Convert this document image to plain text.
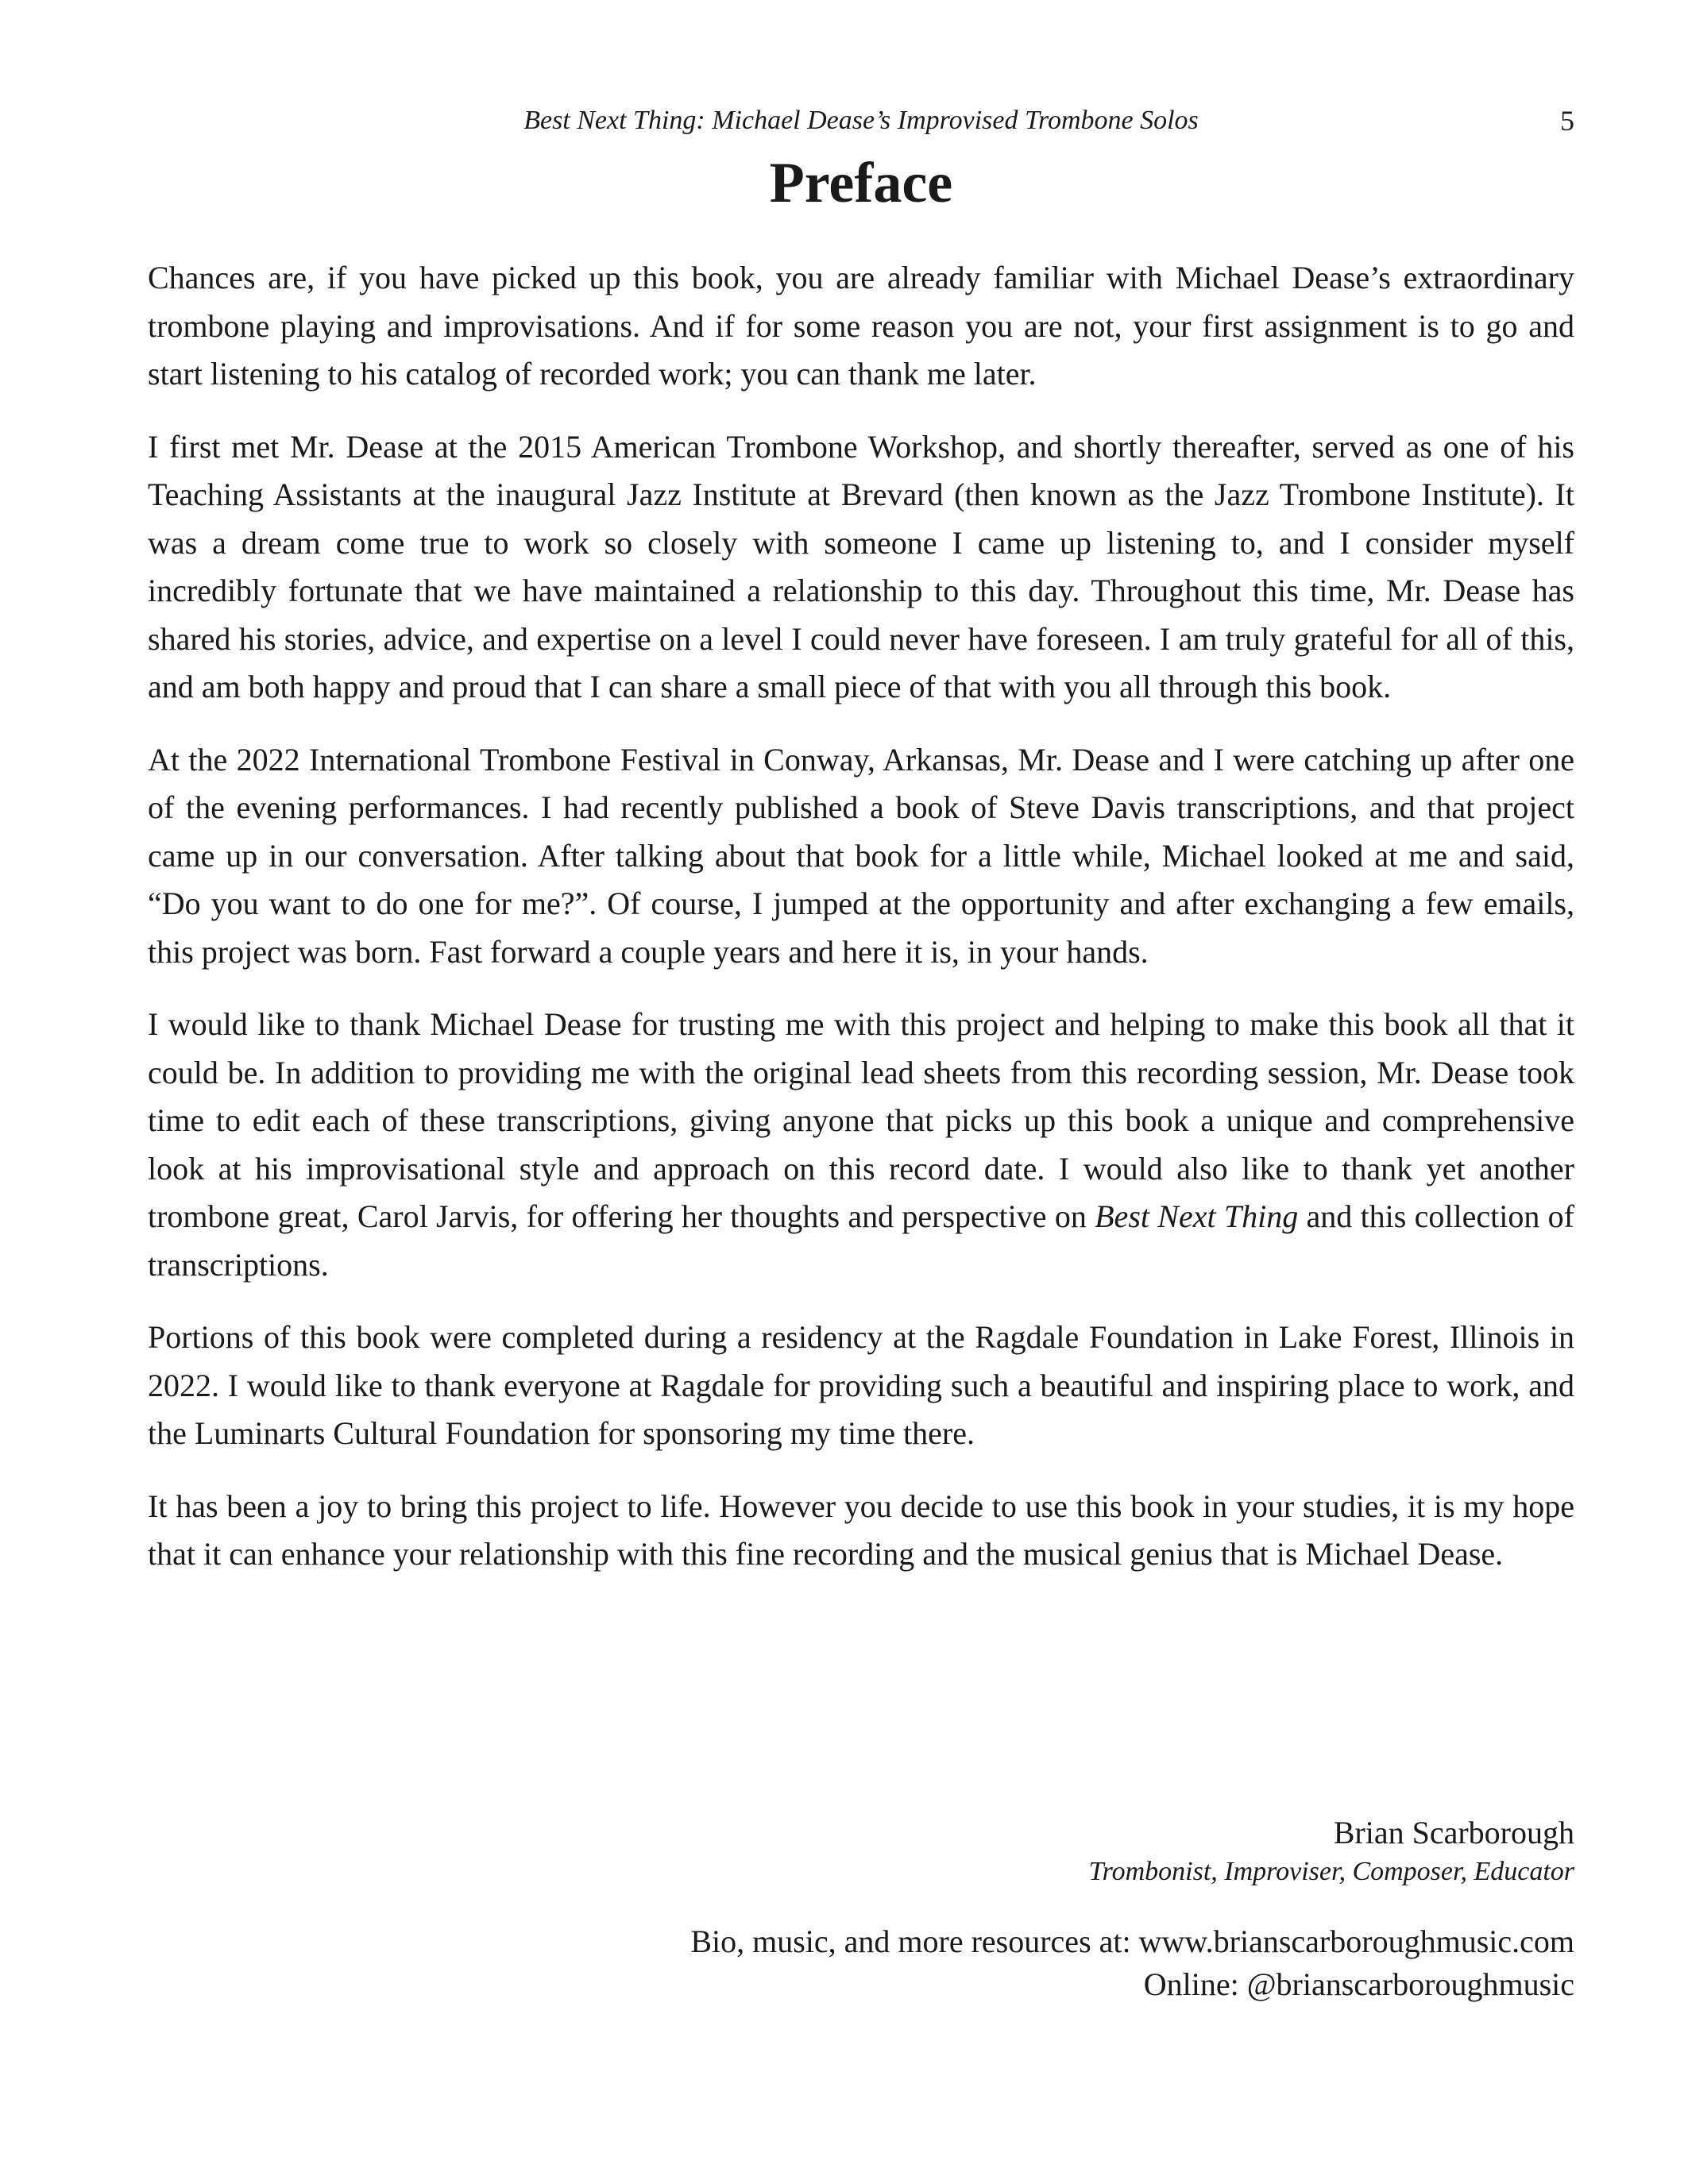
Best Next Thing: Michael Dease’s Improvised Trombone Solos	5
Preface

Chances are, if you have picked up this book, you are already familiar with Michael Dease’s extraordinary trombone playing and improvisations. And if for some reason you are not, your first assignment is to go and start listening to his catalog of recorded work; you can thank me later.

I first met Mr. Dease at the 2015 American Trombone Workshop, and shortly thereafter, served as one of his Teaching Assistants at the inaugural Jazz Institute at Brevard (then known as the Jazz Trombone Institute). It was a dream come true to work so closely with someone I came up listening to, and I consider myself incredibly fortunate that we have maintained a relationship to this day. Throughout this time, Mr. Dease has shared his stories, advice, and expertise on a level I could never have foreseen. I am truly grateful for all of this, and am both happy and proud that I can share a small piece of that with you all through this book.

At the 2022 International Trombone Festival in Conway, Arkansas, Mr. Dease and I were catching up after one of the evening performances. I had recently published a book of Steve Davis transcriptions, and that project came up in our conversation. After talking about that book for a little while, Michael looked at me and said, “Do you want to do one for me?”. Of course, I jumped at the opportunity and after exchanging a few emails, this project was born. Fast forward a couple years and here it is, in your hands.

I would like to thank Michael Dease for trusting me with this project and helping to make this book all that it could be. In addition to providing me with the original lead sheets from this recording session, Mr. Dease took time to edit each of these transcriptions, giving anyone that picks up this book a unique and comprehensive look at his improvisational style and approach on this record date. I would also like to thank yet another trombone great, Carol Jarvis, for offering her thoughts and perspective on Best Next Thing and this collection of transcriptions.

Portions of this book were completed during a residency at the Ragdale Foundation in Lake Forest, Illinois in 2022. I would like to thank everyone at Ragdale for providing such a beautiful and inspiring place to work, and the Luminarts Cultural Foundation for sponsoring my time there.

It has been a joy to bring this project to life. However you decide to use this book in your studies, it is my hope that it can enhance your relationship with this fine recording and the musical genius that is Michael Dease.

Brian Scarborough
Trombonist, Improviser, Composer, Educator
Bio, music, and more resources at: www.brianscarboroughmusic.com
Online: @brianscarboroughmusic
